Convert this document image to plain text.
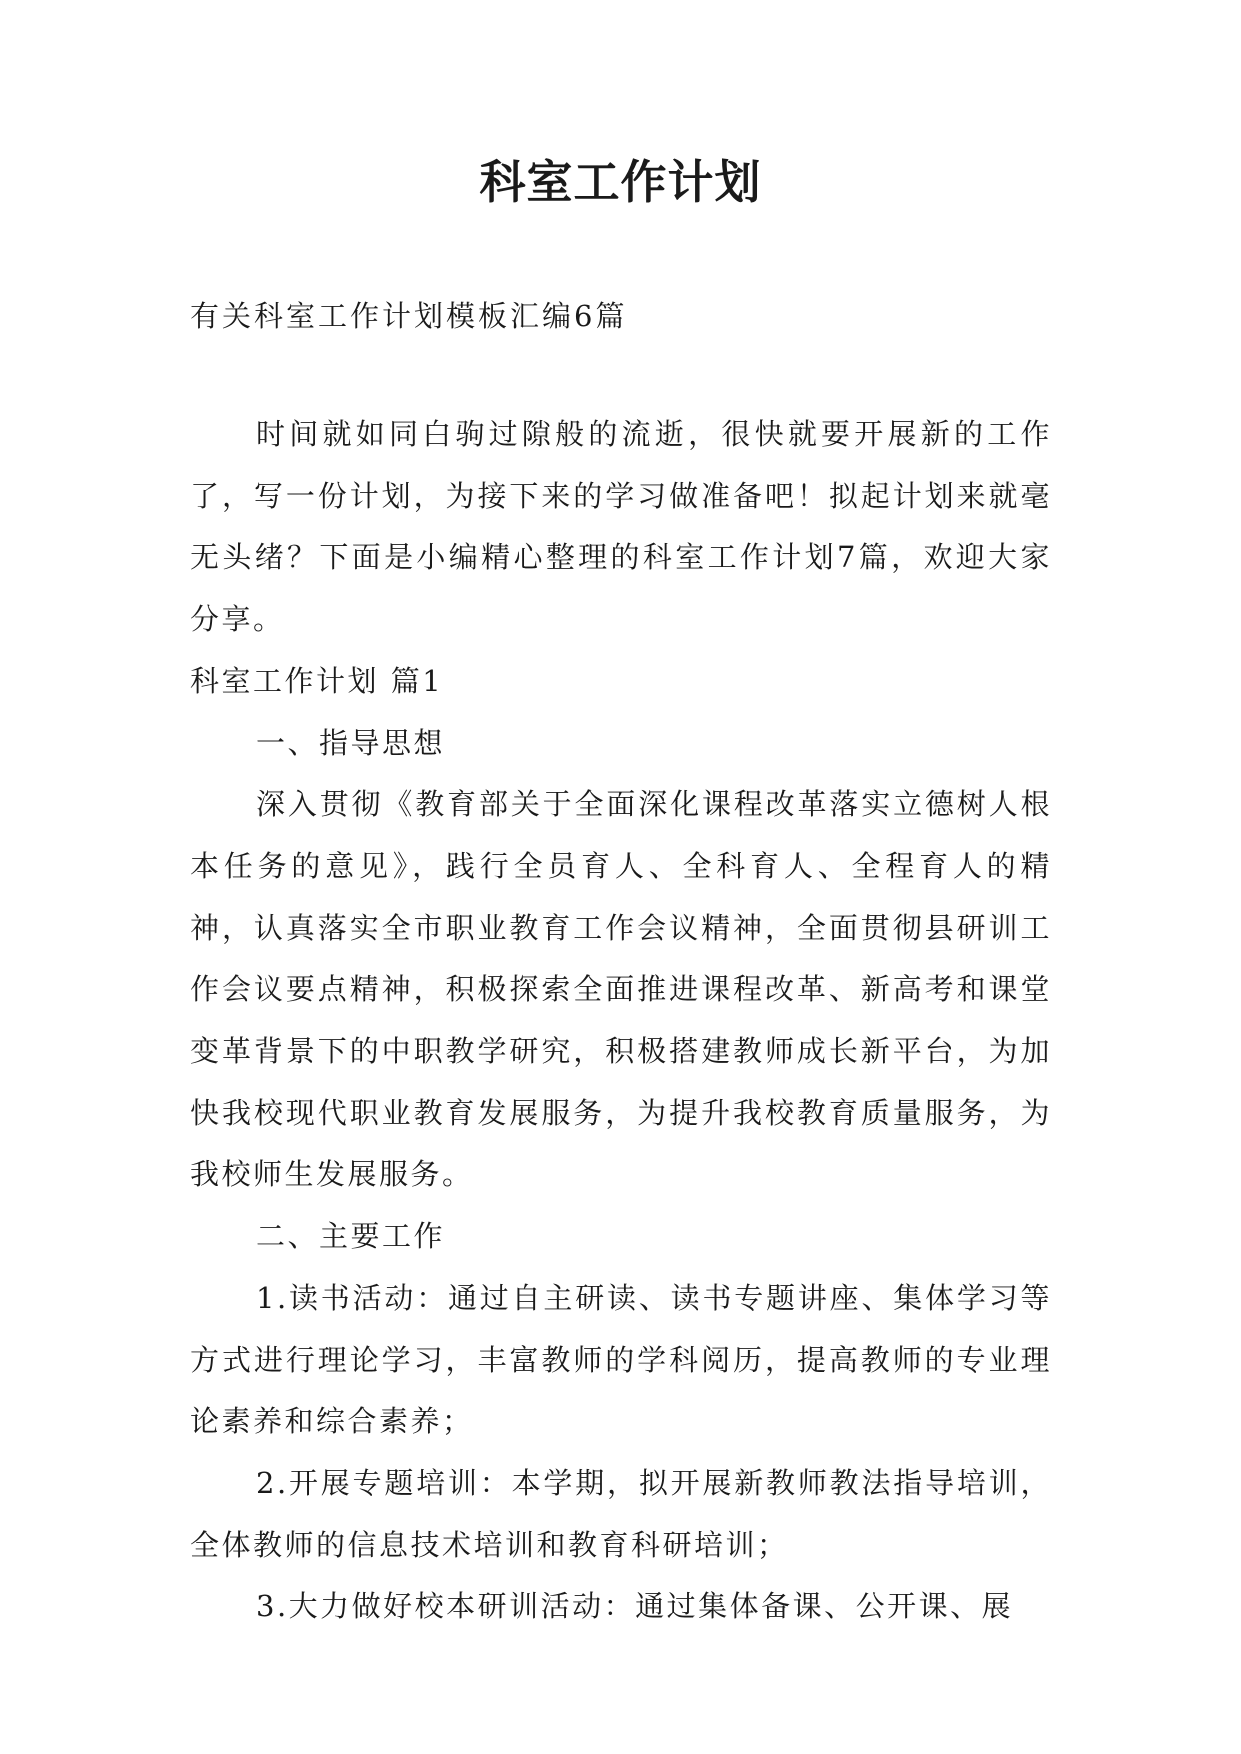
科室工作计划
有关科室工作计划模板汇编6篇

时间就如同白驹过隙般的流逝，很快就要开展新的工作了，写一份计划，为接下来的学习做准备吧！拟起计划来就毫无头绪？下面是小编精心整理的科室工作计划7篇，欢迎大家分享。

科室工作计划 篇1

一、指导思想

深入贯彻《教育部关于全面深化课程改革落实立德树人根本任务的意见》，践行全员育人、全科育人、全程育人的精神，认真落实全市职业教育工作会议精神，全面贯彻县研训工作会议要点精神，积极探索全面推进课程改革、新高考和课堂变革背景下的中职教学研究，积极搭建教师成长新平台，为加快我校现代职业教育发展服务，为提升我校教育质量服务，为我校师生发展服务。

二、主要工作

1.读书活动：通过自主研读、读书专题讲座、集体学习等方式进行理论学习，丰富教师的学科阅历，提高教师的专业理论素养和综合素养；

2.开展专题培训：本学期，拟开展新教师教法指导培训，全体教师的信息技术培训和教育科研培训；

3.大力做好校本研训活动：通过集体备课、公开课、展
